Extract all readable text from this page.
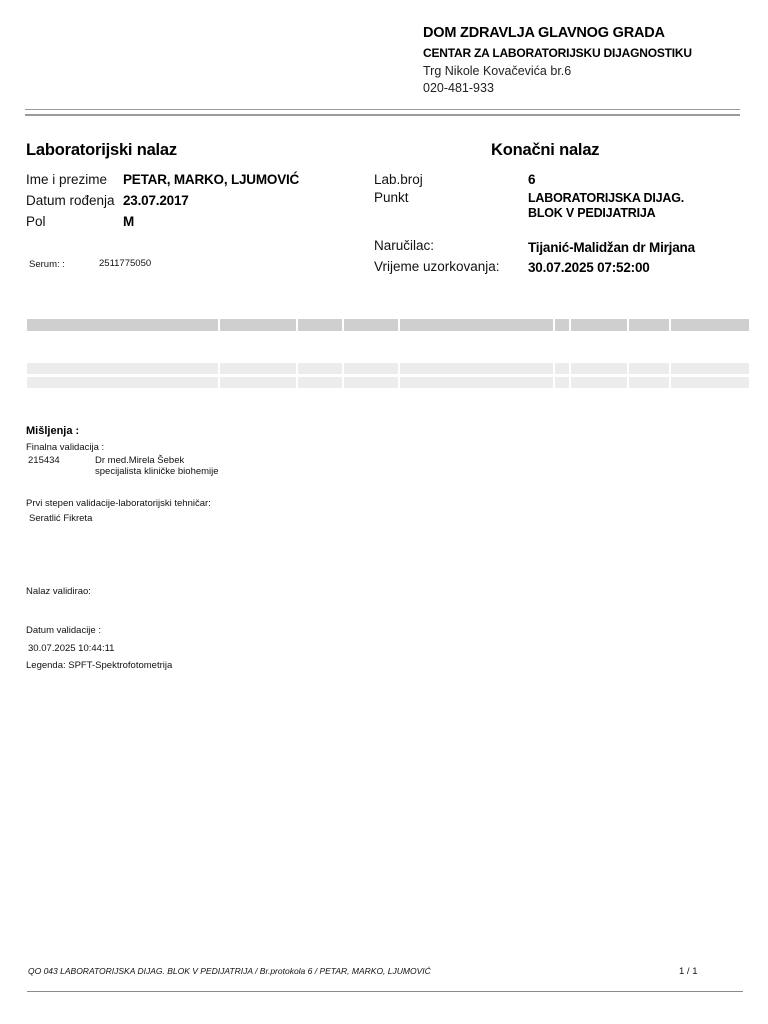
DOM ZDRAVLJA GLAVNOG GRADA
CENTAR ZA LABORATORIJSKU DIJAGNOSTIKU
Trg Nikole Kovačevića br.6
020-481-933
Laboratorijski nalaz	Konačni nalaz
Ime i prezime PETAR, MARKO, LJUMOVIĆ
Datum rođenja 23.07.2017
Pol	M
Serum: :	2511775050
Lab.broj	6
Punkt	LABORATORIJSKA DIJAG.
BLOK V PEDIJATRIJA
Naručilac:	Tijanić-Malidžan dr Mirjana
Vrijeme uzorkovanja: 30.07.2025 07:52:00
Mišljenja :
Finalna validacija :
215434	Dr med.Mirela Šebek
specijalista kliničke biohemije
Prvi stepen validacije-laboratorijski tehničar:
Seratlić Fikreta
Nalaz validirao:
Datum validacije :
30.07.2025 10:44:11
Legenda: SPFT-Spektrofotometrija
QO 043 LABORATORIJSKA DIJAG. BLOK V PEDIJATRIJA / Br.protokola 6 / PETAR, MARKO, LJUMOVIĆ	1 / 1
